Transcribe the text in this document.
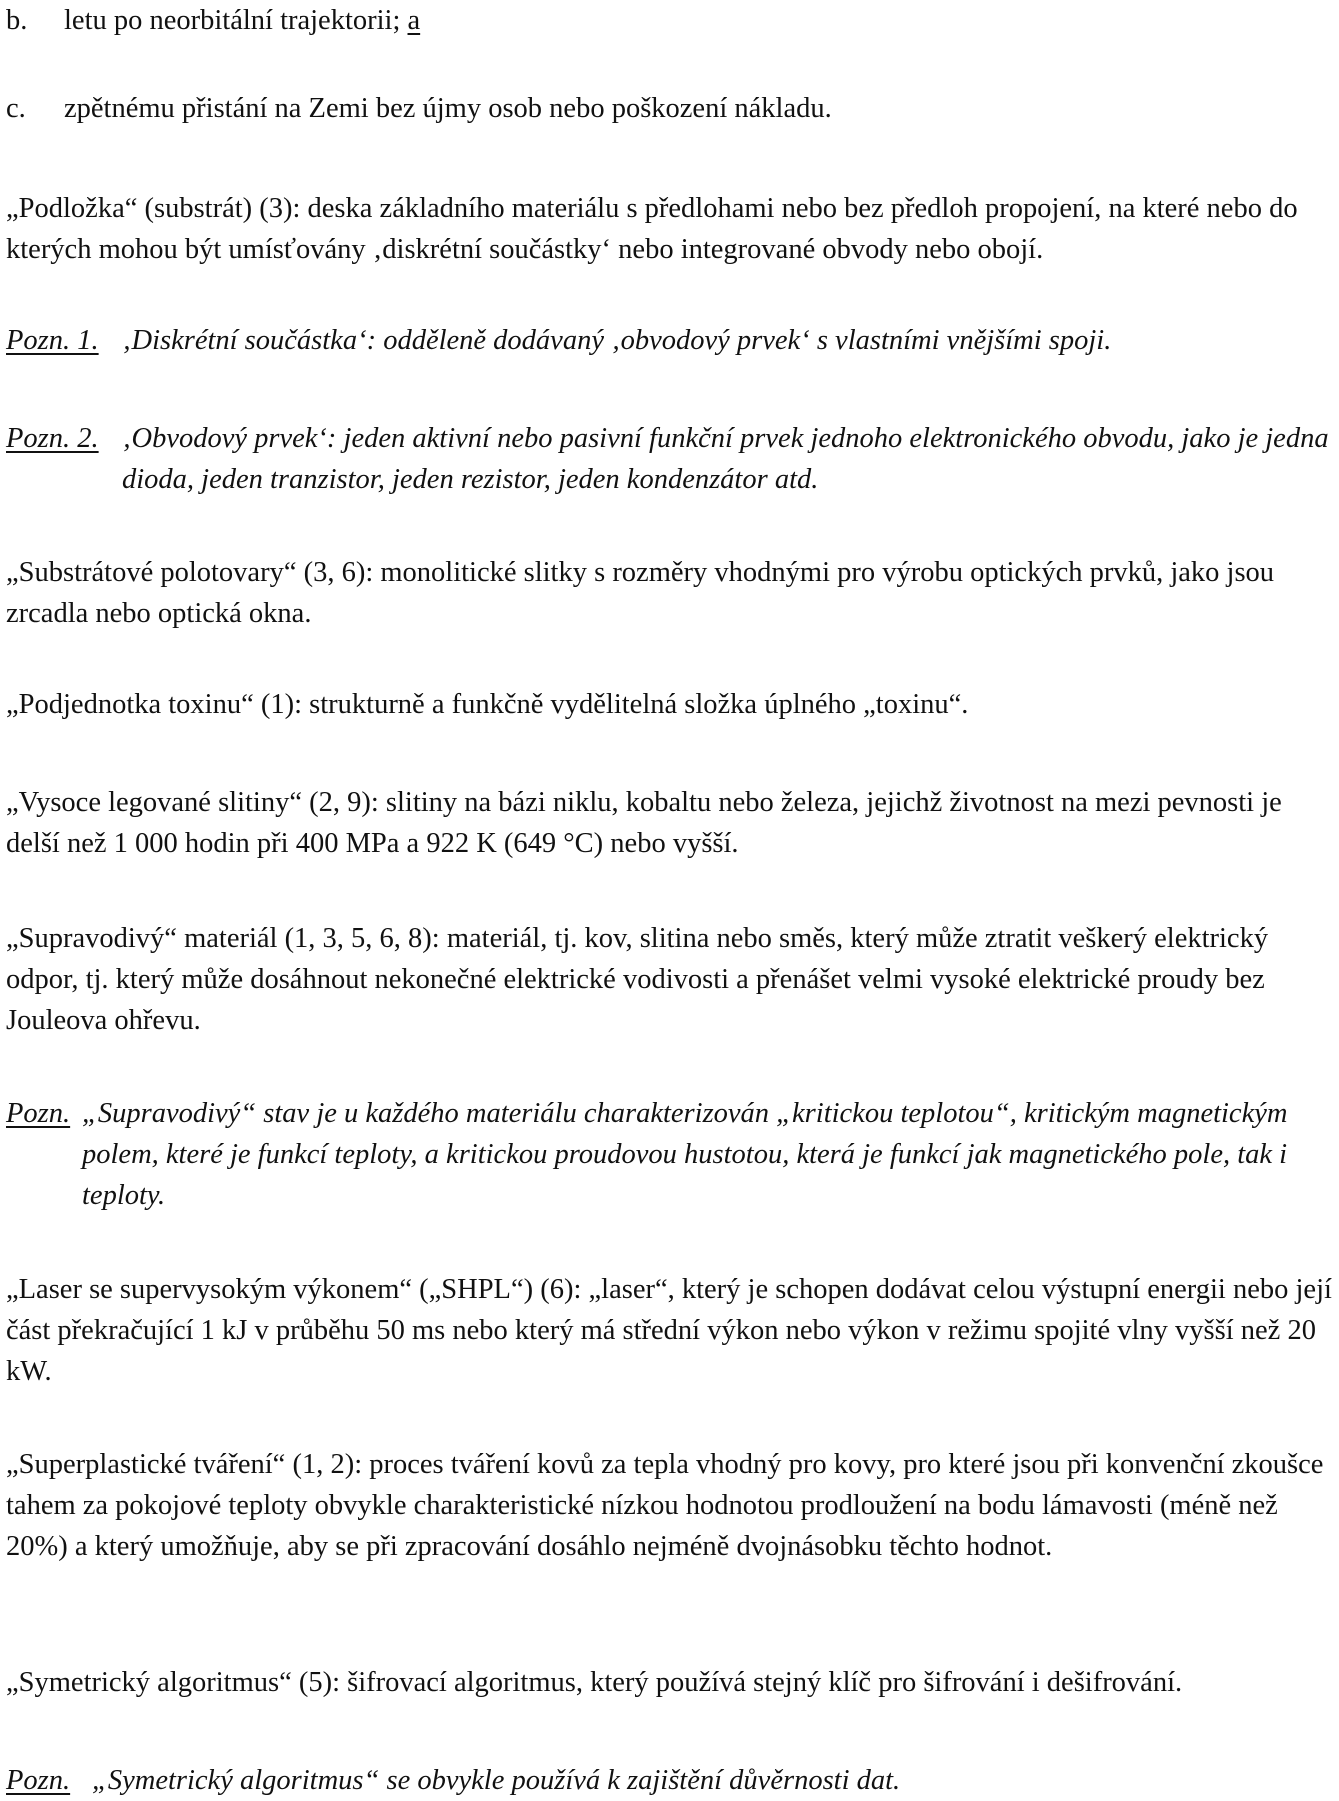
b. letu po neorbitální trajektorii; a
c. zpětnému přistání na Zemi bez újmy osob nebo poškození nákladu.
„Podložka“ (substrát) (3): deska základního materiálu s předlohami nebo bez předloh propojení, na které nebo do kterých mohou být umísťovány ‚diskrétní součástky‘ nebo integrované obvody nebo obojí.
Pozn. 1. ‚Diskrétní součástka‘: odděleně dodávaný ‚obvodový prvek‘ s vlastními vnějšími spoji.
Pozn. 2. ‚Obvodový prvek‘: jeden aktivní nebo pasivní funkční prvek jednoho elektronického obvodu, jako je jedna dioda, jeden tranzistor, jeden rezistor, jeden kondenzátor atd.
„Substrátové polotovary“ (3, 6): monolitické slitky s rozměry vhodnými pro výrobu optických prvků, jako jsou zrcadla nebo optická okna.
„Podjednotka toxinu“ (1): strukturně a funkčně vydělitelná složka úplného „toxinu“.
„Vysoce legované slitiny“ (2, 9): slitiny na bázi niklu, kobaltu nebo železa, jejichž životnost na mezi pevnosti je delší než 1 000 hodin při 400 MPa a 922 K (649 °C) nebo vyšší.
„Supravodivý“ materiál (1, 3, 5, 6, 8): materiál, tj. kov, slitina nebo směs, který může ztratit veškerý elektrický odpor, tj. který může dosáhnout nekonečné elektrické vodivosti a přenášet velmi vysoké elektrické proudy bez Jouleova ohřevu.
Pozn. „Supravodivý“ stav je u každého materiálu charakterizován „kritickou teplotou“, kritickým magnetickým polem, které je funkcí teploty, a kritickou proudovou hustotou, která je funkcí jak magnetického pole, tak i teploty.
„Laser se supervysokým výkonem“ („SHPL“) (6): „laser“, který je schopen dodávat celou výstupní energii nebo její část překračující 1 kJ v průběhu 50 ms nebo který má střední výkon nebo výkon v režimu spojité vlny vyšší než 20 kW.
„Superplastické tváření“ (1, 2): proces tváření kovů za tepla vhodný pro kovy, pro které jsou při konvenční zkoušce tahem za pokojové teploty obvykle charakteristické nízkou hodnotou prodloužení na bodu lámavosti (méně než 20%) a který umožňuje, aby se při zpracování dosáhlo nejméně dvojnásobku těchto hodnot.
„Symetrický algoritmus“ (5): šifrovací algoritmus, který používá stejný klíč pro šifrování i dešifrování.
Pozn. „Symetrický algoritmus“ se obvykle používá k zajištění důvěrnosti dat.
